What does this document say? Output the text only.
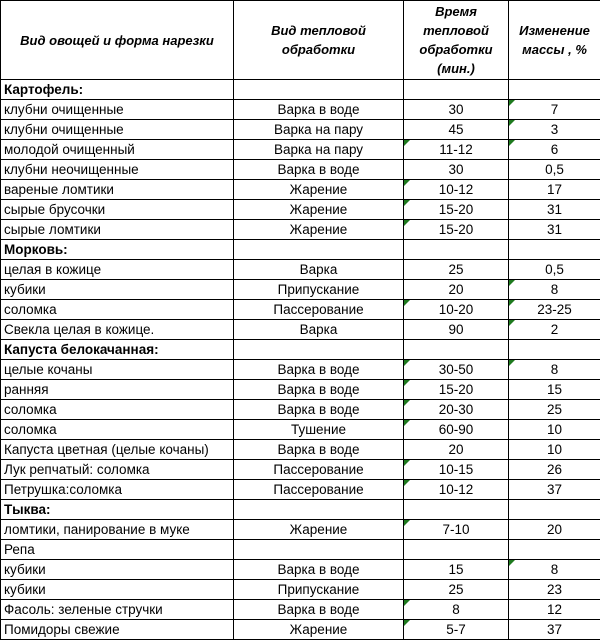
Вид овощей и форма нарезки	Вид тепловой обработки	Время тепловой обработки (мин.)	Изменение массы , %
Картофель:			
клубни очищенные	Варка в воде	30	7
клубни очищенные	Варка на пару	45	3
молодой очищенный	Варка на пару	11-12	6
клубни неочищенные	Варка в воде	30	0,5
вареные ломтики	Жарение	10-12	17
сырые брусочки	Жарение	15-20	31
сырые ломтики	Жарение	15-20	31
Морковь:			
целая в кожице	Варка	25	0,5
кубики	Припускание	20	8
соломка	Пассерование	10-20	23-25
Свекла целая в кожице.	Варка	90	2
Капуста белокачанная:			
целые кочаны	Варка в воде	30-50	8
ранняя	Варка в воде	15-20	15
соломка	Варка в воде	20-30	25
соломка	Тушение	60-90	10
Капуста цветная (целые кочаны)	Варка в воде	20	10
Лук репчатый: соломка	Пассерование	10-15	26
Петрушка:соломка	Пассерование	10-12	37
Тыква:			
ломтики, панирование в муке	Жарение	7-10	20
Репа			
кубики	Варка в воде	15	8
кубики	Припускание	25	23
Фасоль: зеленые стручки	Варка в воде	8	12
Помидоры свежие	Жарение	5-7	37
